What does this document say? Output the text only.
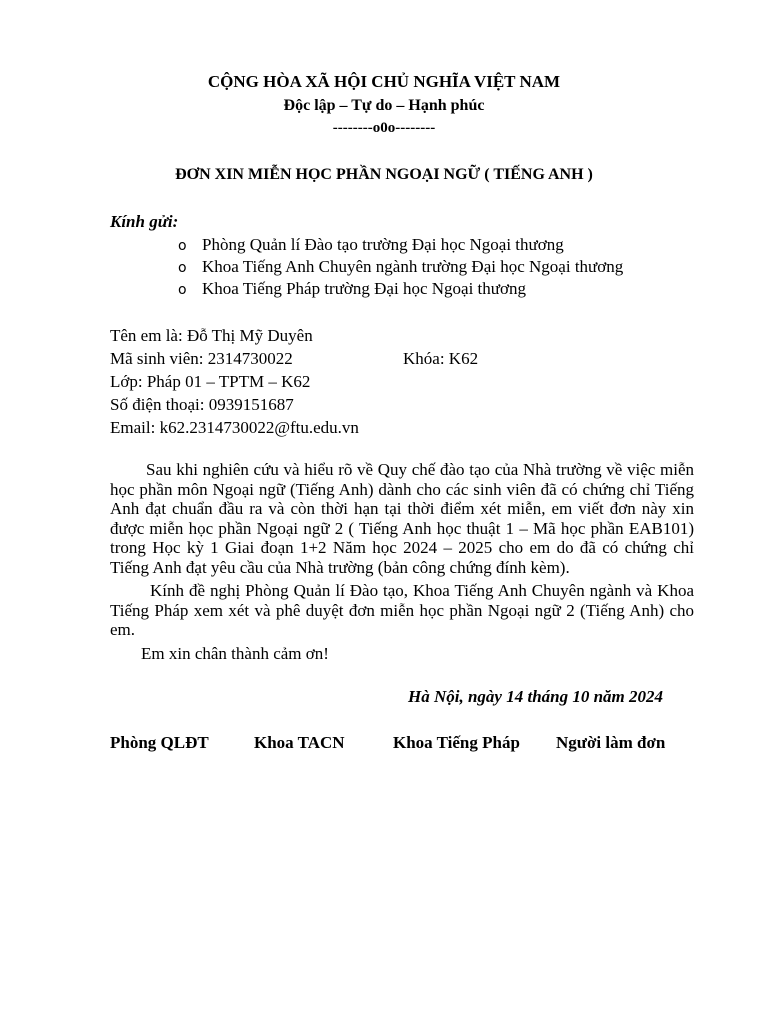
CỘNG HÒA XÃ HỘI CHỦ NGHĨA VIỆT NAM
Độc lập – Tự do – Hạnh phúc
--------o0o--------
ĐƠN XIN MIỄN HỌC PHẦN NGOẠI NGỮ ( TIẾNG ANH )
Kính gửi:
o Phòng Quản lí Đào tạo trường Đại học Ngoại thương
o Khoa Tiếng Anh Chuyên ngành trường Đại học Ngoại thương
o Khoa Tiếng Pháp trường Đại học Ngoại thương
Tên em là: Đỗ Thị Mỹ Duyên
Mã sinh viên: 2314730022	Khóa: K62
Lớp: Pháp 01 – TPTM – K62
Số điện thoại: 0939151687
Email: k62.2314730022@ftu.edu.vn

Sau khi nghiên cứu và hiểu rõ về Quy chế đào tạo của Nhà trường về việc miễn học phần môn Ngoại ngữ (Tiếng Anh) dành cho các sinh viên đã có chứng chỉ Tiếng Anh đạt chuẩn đầu ra và còn thời hạn tại thời điểm xét miễn, em viết đơn này xin được miễn học phần Ngoại ngữ 2 ( Tiếng Anh học thuật 1 – Mã học phần EAB101) trong Học kỳ 1 Giai đoạn 1+2 Năm học 2024 – 2025 cho em do đã có chứng chỉ Tiếng Anh đạt yêu cầu của Nhà trường (bản công chứng đính kèm).

Kính đề nghị Phòng Quản lí Đào tạo, Khoa Tiếng Anh Chuyên ngành và Khoa Tiếng Pháp xem xét và phê duyệt đơn miễn học phần Ngoại ngữ 2 (Tiếng Anh) cho em.

Em xin chân thành cảm ơn!

Hà Nội, ngày 14 tháng 10 năm 2024
Phòng QLĐT	Khoa TACN	Khoa Tiếng Pháp Người làm đơn
